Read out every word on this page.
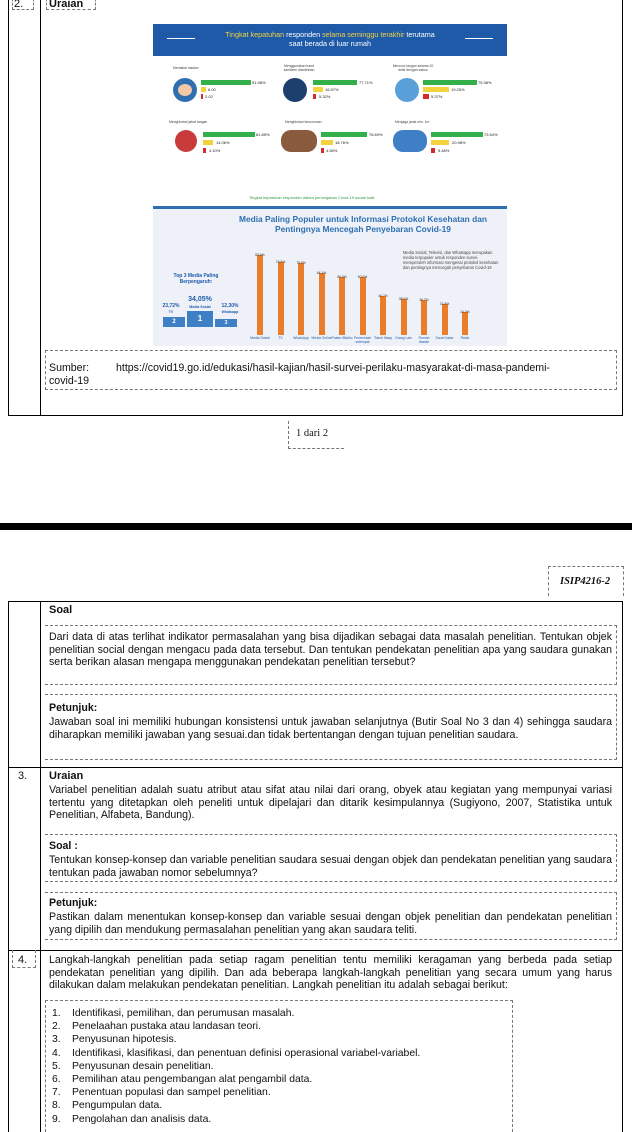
2. Uraian
Tingkat kepatuhan responden selama seminggu terakhir terutama
saat berada di luar rumah
Memakai masker
91.98%
6.00
2.02
Menggunakan hand sanitizer/ disinfektan
77.71%
16.97%
5.32%
Mencuci tangan selama 20 detik dengan sabun
75.38%
19.25%
5.37%
Menghindari jabat tangan
81.85%
14.06%
4.10%
Menghindari kerumunan
76.69%
18.76%
4.56%
Menjaga jarak min. 1m
73.54%
20.98%
5.48%
Tingkat kepatuhan responden dalam pencegahan Covid-19 sudah baik
Media Paling Populer untuk Informasi Protokol Kesehatan dan
Pentingnya Mencegah Penyebaran Covid-19
Top 3 Media Paling Berpengaruh:
34,05%
Media Sosial
23,72%
TV
12,30%
Whatsapp
2	1	3
Media Sosial, Televisi, dan Whatsapp merupakan media terpopuler untuk responden survei memperoleh informasi mengenai protokol kesehatan dan pentingnya mencegah penyebaran Covid-19
83.6%
Media Sosial
76.5%
TV
75.0%
WhatsApp
64.1%
Media Online
60.0%
Poster /Baliho
60.0%
Pemerintah setempat
40.7%
Tokoh Masy
38.0%
Orang Lain
36.7%
Rumah Ibadah
31.8%
Surat Kabar
24.0%
Radio
Sumber:	https://covid19.go.id/edukasi/hasil-kajian/hasil-survei-perilaku-masyarakat-di-masa-pandemi-
covid-19
1 dari 2
ISIP4216-2
Soal
Dari data di atas terlihat indikator permasalahan yang bisa dijadikan sebagai data masalah penelitian. Tentukan objek penelitian social dengan mengacu pada data tersebut. Dan tentukan pendekatan penelitian apa yang saudara gunakan serta berikan alasan mengapa menggunakan pendekatan penelitian tersebut?
Petunjuk:
Jawaban soal ini memiliki hubungan konsistensi untuk jawaban selanjutnya (Butir Soal No 3 dan 4) sehingga saudara diharapkan memiliki jawaban yang sesuai.dan tidak bertentangan dengan tujuan penelitian saudara.
3. Uraian
Variabel penelitian adalah suatu atribut atau sifat atau nilai dari orang, obyek atau kegiatan yang mempunyai variasi tertentu yang ditetapkan oleh peneliti untuk dipelajari dan ditarik kesimpulannya (Sugiyono, 2007, Statistika untuk Penelitian, Alfabeta, Bandung).
Soal :
Tentukan konsep-konsep dan variable penelitian saudara sesuai dengan objek dan pendekatan penelitian yang saudara tentukan pada jawaban nomor sebelumnya?
Petunjuk:
Pastikan dalam menentukan konsep-konsep dan variable sesuai dengan objek penelitian dan pendekatan penelitian yang dipilih dan mendukung permasalahan penelitian yang akan saudara teliti.
4. Langkah-langkah penelitian pada setiap ragam penelitian tentu memiliki keragaman yang berbeda pada setiap pendekatan penelitian yang dipilih. Dan ada beberapa langkah-langkah penelitian yang secara umum yang harus dilakukan dalam melakukan pendekatan penelitian. Langkah penelitian itu adalah sebagai berikut:
1. Identifikasi, pemilihan, dan perumusan masalah.
2. Penelaahan pustaka atau landasan teori.
3. Penyusunan hipotesis.
4. Identifikasi, klasifikasi, dan penentuan definisi operasional variabel-variabel.
5. Penyusunan desain penelitian.
6. Pemilihan atau pengembangan alat pengambil data.
7. Penentuan populasi dan sampel penelitian.
8. Pengumpulan data.
9. Pengolahan dan analisis data.
